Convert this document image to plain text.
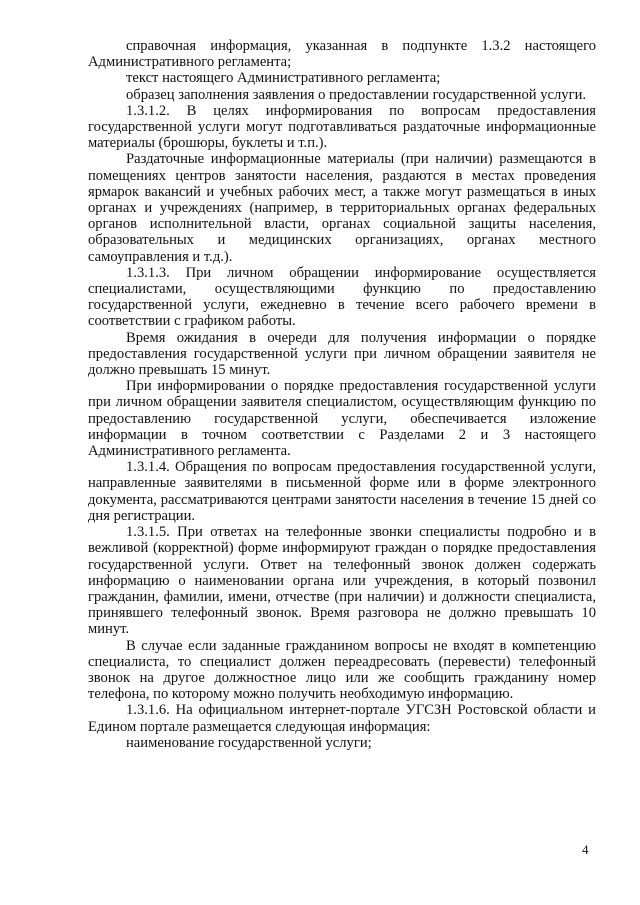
справочная информация, указанная в подпункте 1.3.2 настоящего Административного регламента;

текст настоящего Административного регламента;

образец заполнения заявления о предоставлении государственной услуги.

1.3.1.2. В целях информирования по вопросам предоставления государственной услуги могут подготавливаться раздаточные информационные материалы (брошюры, буклеты и т.п.).

Раздаточные информационные материалы (при наличии) размещаются в помещениях центров занятости населения, раздаются в местах проведения ярмарок вакансий и учебных рабочих мест, а также могут размещаться в иных органах и учреждениях (например, в территориальных органах федеральных органов исполнительной власти, органах социальной защиты населения, образовательных и медицинских организациях, органах местного самоуправления и т.д.).

1.3.1.3. При личном обращении информирование осуществляется специалистами, осуществляющими функцию по предоставлению государственной услуги, ежедневно в течение всего рабочего времени в соответствии с графиком работы.

Время ожидания в очереди для получения информации о порядке предоставления государственной услуги при личном обращении заявителя не должно превышать 15 минут.

При информировании о порядке предоставления государственной услуги при личном обращении заявителя специалистом, осуществляющим функцию по предоставлению государственной услуги, обеспечивается изложение информации в точном соответствии с Разделами 2 и 3 настоящего Административного регламента.

1.3.1.4. Обращения по вопросам предоставления государственной услуги, направленные заявителями в письменной форме или в форме электронного документа, рассматриваются центрами занятости населения в течение 15 дней со дня регистрации.

1.3.1.5. При ответах на телефонные звонки специалисты подробно и в вежливой (корректной) форме информируют граждан о порядке предоставления государственной услуги. Ответ на телефонный звонок должен содержать информацию о наименовании органа или учреждения, в который позвонил гражданин, фамилии, имени, отчестве (при наличии) и должности специалиста, принявшего телефонный звонок. Время разговора не должно превышать 10 минут.

В случае если заданные гражданином вопросы не входят в компетенцию специалиста, то специалист должен переадресовать (перевести) телефонный звонок на другое должностное лицо или же сообщить гражданину номер телефона, по которому можно получить необходимую информацию.

1.3.1.6. На официальном интернет-портале УГСЗН Ростовской области и Едином портале размещается следующая информация:

наименование государственной услуги;

4
